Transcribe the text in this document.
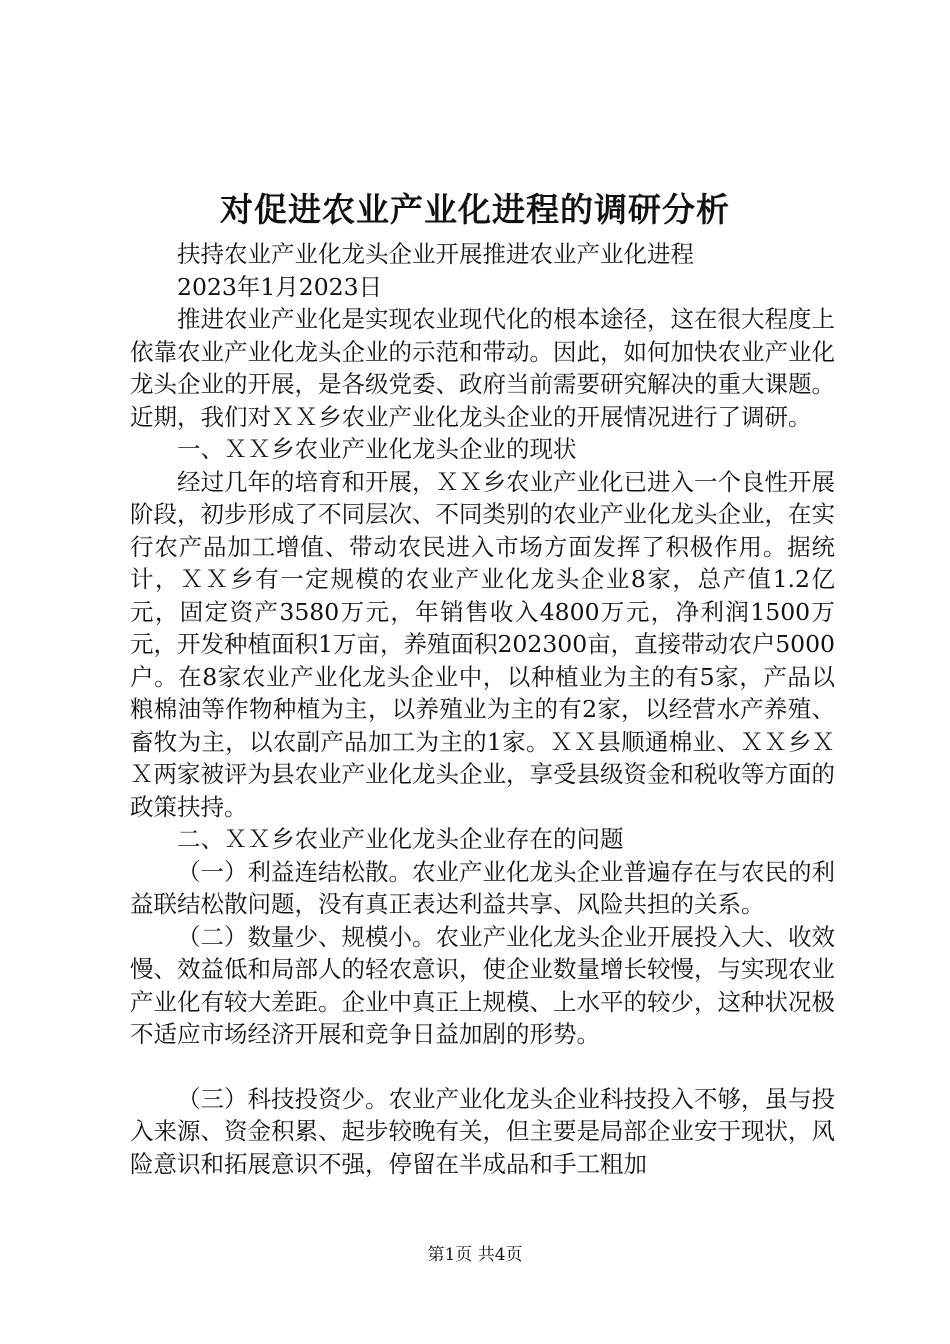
对促进农业产业化进程的调研分析

扶持农业产业化龙头企业开展推进农业产业化进程

2023年1月2023日

推进农业产业化是实现农业现代化的根本途径，这在很大程度上依靠农业产业化龙头企业的示范和带动。因此，如何加快农业产业化龙头企业的开展，是各级党委、政府当前需要研究解决的重大课题。近期，我们对ＸＸ乡农业产业化龙头企业的开展情况进行了调研。

一、ＸＸ乡农业产业化龙头企业的现状

经过几年的培育和开展，ＸＸ乡农业产业化已进入一个良性开展阶段，初步形成了不同层次、不同类别的农业产业化龙头企业，在实行农产品加工增值、带动农民进入市场方面发挥了积极作用。据统计，ＸＸ乡有一定规模的农业产业化龙头企业8家，总产值1.2亿元，固定资产3580万元，年销售收入4800万元，净利润1500万元，开发种植面积1万亩，养殖面积202300亩，直接带动农户5000户。在8家农业产业化龙头企业中，以种植业为主的有5家，产品以粮棉油等作物种植为主，以养殖业为主的有2家，以经营水产养殖、畜牧为主，以农副产品加工为主的1家。ＸＸ县顺通棉业、ＸＸ乡ＸＸ两家被评为县农业产业化龙头企业，享受县级资金和税收等方面的政策扶持。

二、ＸＸ乡农业产业化龙头企业存在的问题

（一）利益连结松散。农业产业化龙头企业普遍存在与农民的利益联结松散问题，没有真正表达利益共享、风险共担的关系。

（二）数量少、规模小。农业产业化龙头企业开展投入大、收效慢、效益低和局部人的轻农意识，使企业数量增长较慢，与实现农业产业化有较大差距。企业中真正上规模、上水平的较少，这种状况极不适应市场经济开展和竞争日益加剧的形势。

（三）科技投资少。农业产业化龙头企业科技投入不够，虽与投入来源、资金积累、起步较晚有关，但主要是局部企业安于现状，风险意识和拓展意识不强，停留在半成品和手工粗加

第1页 共4页
